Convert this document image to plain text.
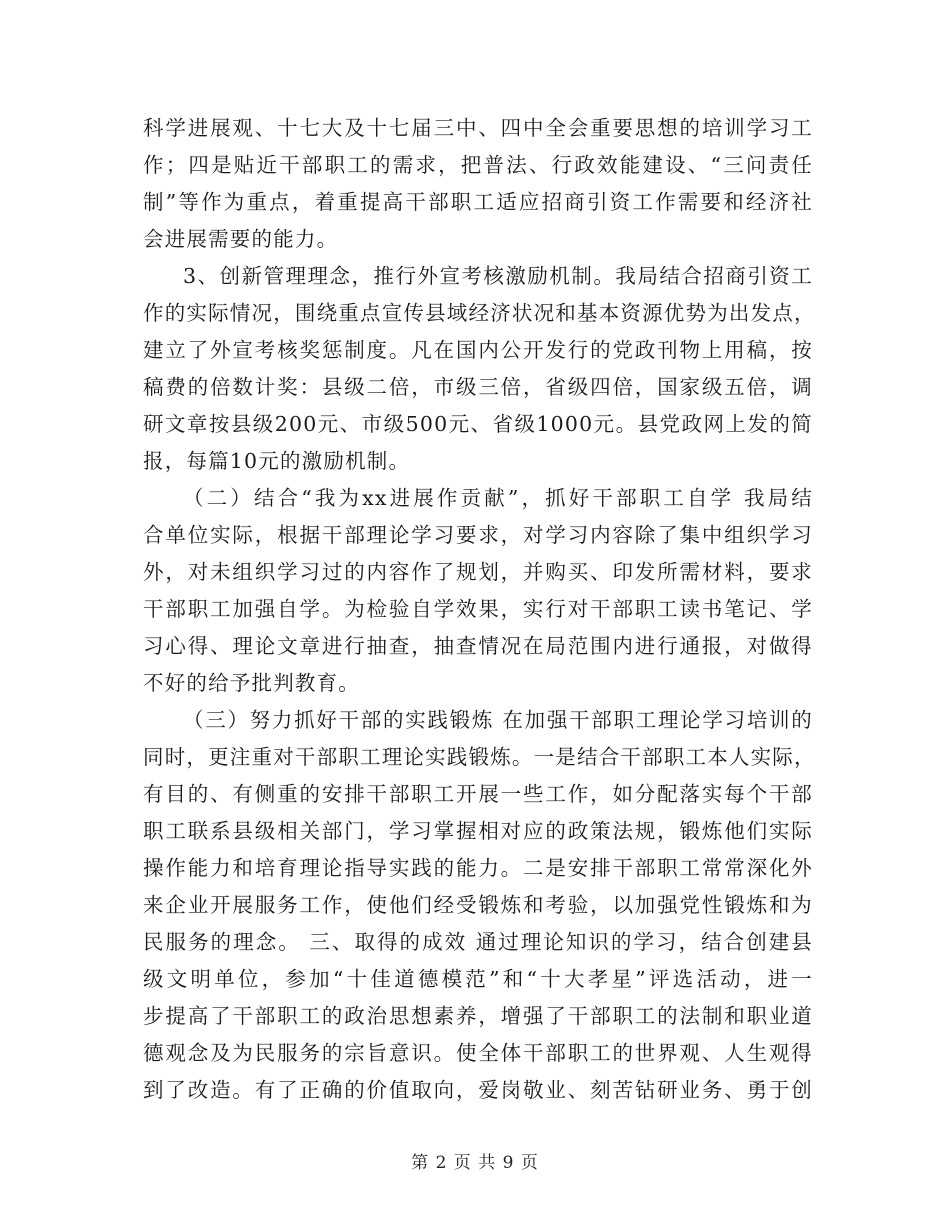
科学进展观、十七大及十七届三中、四中全会重要思想的培训学习工
作；四是贴近干部职工的需求，把普法、行政效能建设、“三问责任
制”等作为重点，着重提高干部职工适应招商引资工作需要和经济社
会进展需要的能力。
3、创新管理理念，推行外宣考核激励机制。我局结合招商引资工
作的实际情况，围绕重点宣传县域经济状况和基本资源优势为出发点，
建立了外宣考核奖惩制度。凡在国内公开发行的党政刊物上用稿，按
稿费的倍数计奖：县级二倍，市级三倍，省级四倍，国家级五倍，调
研文章按县级200元、市级500元、省级1000元。县党政网上发的简
报，每篇10元的激励机制。
（二）结合“我为xx进展作贡献”，抓好干部职工自学 我局结
合单位实际，根据干部理论学习要求，对学习内容除了集中组织学习
外，对未组织学习过的内容作了规划，并购买、印发所需材料，要求
干部职工加强自学。为检验自学效果，实行对干部职工读书笔记、学
习心得、理论文章进行抽查，抽查情况在局范围内进行通报，对做得
不好的给予批判教育。
（三）努力抓好干部的实践锻炼 在加强干部职工理论学习培训的
同时，更注重对干部职工理论实践锻炼。一是结合干部职工本人实际，
有目的、有侧重的安排干部职工开展一些工作，如分配落实每个干部
职工联系县级相关部门，学习掌握相对应的政策法规，锻炼他们实际
操作能力和培育理论指导实践的能力。二是安排干部职工常常深化外
来企业开展服务工作，使他们经受锻炼和考验，以加强党性锻炼和为
民服务的理念。 三、取得的成效 通过理论知识的学习，结合创建县
级文明单位，参加“十佳道德模范”和“十大孝星”评选活动，进一
步提高了干部职工的政治思想素养，增强了干部职工的法制和职业道
德观念及为民服务的宗旨意识。使全体干部职工的世界观、人生观得
到了改造。有了正确的价值取向，爱岗敬业、刻苦钻研业务、勇于创
第 2 页 共 9 页
